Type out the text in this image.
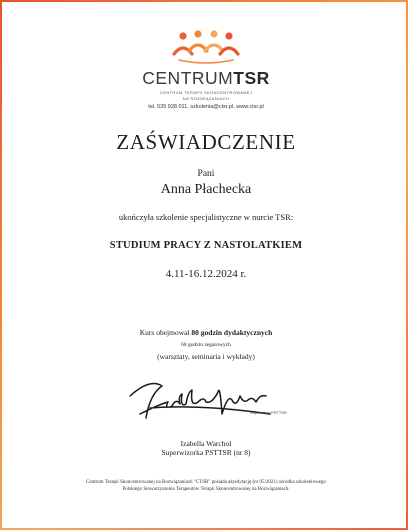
CENTRUMTSR
CENTRUM TERAPII SKONCENTROWANEJ
NA ROZWIĄZANIACH
tel. 535 928 011, szkolenia@ctsr.pl, www.ctsr.pl
ZAŚWIADCZENIE
Pani
Anna Płachecka
ukończyła szkolenie specjalistyczne w nurcie TSR:
STUDIUM PRACY Z NASTOLATKIEM
4.11-16.12.2024 r.
Kurs obejmował 80 godzin dydaktycznych
68 godzin zegarowych
(warsztaty, seminaria i wykłady)
Superwizor PSTTSR
Izabella Warchoł
Superwizorka PSTTSR (nr 8)
Centrum Terapii Skoncentrowanej na Rozwiązaniach "CTSR" posiada akredytację (nr 05/2021) ośrodka szkoleniowego
Polskiego Stowarzyszenia Terapeutów Terapii Skoncentrowanej na Rozwiązaniach.
